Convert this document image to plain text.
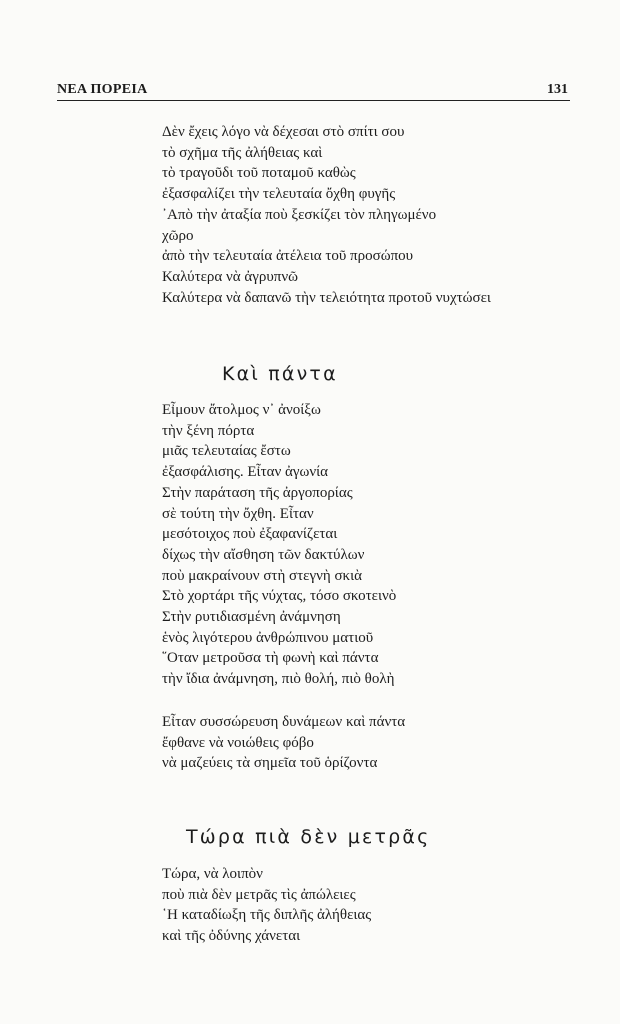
ΝΕΑ ΠΟΡΕΙΑ	131
Δὲν ἔχεις λόγο νὰ δέχεσαι στὸ σπίτι σου
τὸ σχῆμα τῆς ἀλήθειας καὶ
τὸ τραγοῦδι τοῦ ποταμοῦ καθὼς
ἐξασφαλίζει τὴν τελευταία ὄχθη φυγῆς
᾿Απὸ τὴν ἀταξία ποὺ ξεσκίζει τὸν πληγωμένο
χῶρο
ἀπὸ τὴν τελευταία ἀτέλεια τοῦ προσώπου
Καλύτερα νὰ ἀγρυπνῶ
Καλύτερα νὰ δαπανῶ τὴν τελειότητα προτοῦ νυχτώσει
Καὶ πάντα
Εἶμουν ἄτολμος ν᾿ ἀνοίξω
τὴν ξένη πόρτα
μιᾶς τελευταίας ἔστω
ἐξασφάλισης. Εἶταν ἀγωνία
Στὴν παράταση τῆς ἀργοπορίας
σὲ τούτη τὴν ὄχθη. Εἶταν
μεσότοιχος ποὺ ἐξαφανίζεται
δίχως τὴν αἴσθηση τῶν δακτύλων
ποὺ μακραίνουν στὴ στεγνὴ σκιὰ
Στὸ χορτάρι τῆς νύχτας, τόσο σκοτεινὸ
Στὴν ρυτιδιασμένη ἀνάμνηση
ἑνὸς λιγότερου ἀνθρώπινου ματιοῦ
῞Οταν μετροῦσα τὴ φωνὴ καὶ πάντα
τὴν ἴδια ἀνάμνηση, πιὸ θολή, πιὸ θολὴ
Εἶταν συσσώρευση δυνάμεων καὶ πάντα
ἔφθανε νὰ νοιώθεις φόβο
νὰ μαζεύεις τὰ σημεῖα τοῦ ὁρίζοντα
Τώρα πιὰ δὲν μετρᾶς
Τώρα, νὰ λοιπὸν
ποὺ πιὰ δὲν μετρᾶς τὶς ἀπώλειες
῾Η καταδίωξη τῆς διπλῆς ἀλήθειας
καὶ τῆς ὀδύνης χάνεται
